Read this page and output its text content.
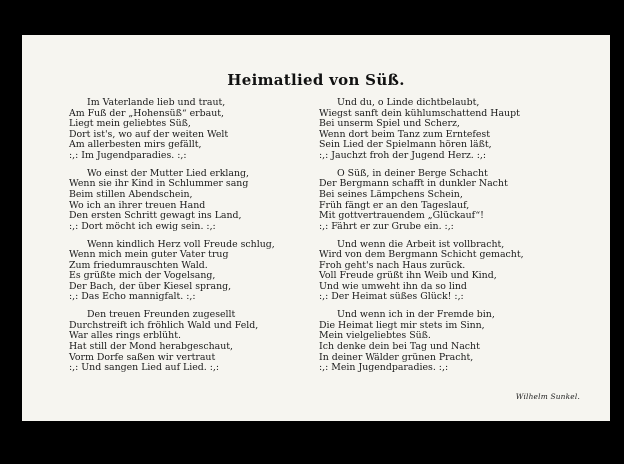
Heimatlied von Süß.
Im Vaterlande lieb und traut,
Am Fuß der „Hohensüß“ erbaut,
Liegt mein geliebtes Süß,
Dort ist's, wo auf der weiten Welt
Am allerbesten mirs gefällt,
:,: Im Jugendparadies. :,:
Wo einst der Mutter Lied erklang,
Wenn sie ihr Kind in Schlummer sang
Beim stillen Abendschein,
Wo ich an ihrer treuen Hand
Den ersten Schritt gewagt ins Land,
:,: Dort möcht ich ewig sein. :,:
Wenn kindlich Herz voll Freude schlug,
Wenn mich mein guter Vater trug
Zum friedumrauschten Wald.
Es grüßte mich der Vogelsang,
Der Bach, der über Kiesel sprang,
:,: Das Echo mannigfalt. :,:
Den treuen Freunden zugesellt
Durchstreift ich fröhlich Wald und Feld,
War alles rings erblüht.
Hat still der Mond herabgeschaut,
Vorm Dorfe saßen wir vertraut
:,: Und sangen Lied auf Lied. :,:
Und du, o Linde dichtbelaubt,
Wiegst sanft dein kühlumschattend Haupt
Bei unserm Spiel und Scherz,
Wenn dort beim Tanz zum Erntefest
Sein Lied der Spielmann hören läßt,
:,: Jauchzt froh der Jugend Herz. :,:
O Süß, in deiner Berge Schacht
Der Bergmann schafft in dunkler Nacht
Bei seines Lämpchens Schein,
Früh fängt er an den Tageslauf,
Mit gottvertrauendem „Glückauf“!
:,: Fährt er zur Grube ein. :,:
Und wenn die Arbeit ist vollbracht,
Wird von dem Bergmann Schicht gemacht,
Froh geht's nach Haus zurück.
Voll Freude grüßt ihn Weib und Kind,
Und wie umweht ihn da so lind
:,: Der Heimat süßes Glück! :,:
Und wenn ich in der Fremde bin,
Die Heimat liegt mir stets im Sinn,
Mein vielgeliebtes Süß.
Ich denke dein bei Tag und Nacht
In deiner Wälder grünen Pracht,
:,: Mein Jugendparadies. :,:
Wilhelm Sunkel.
